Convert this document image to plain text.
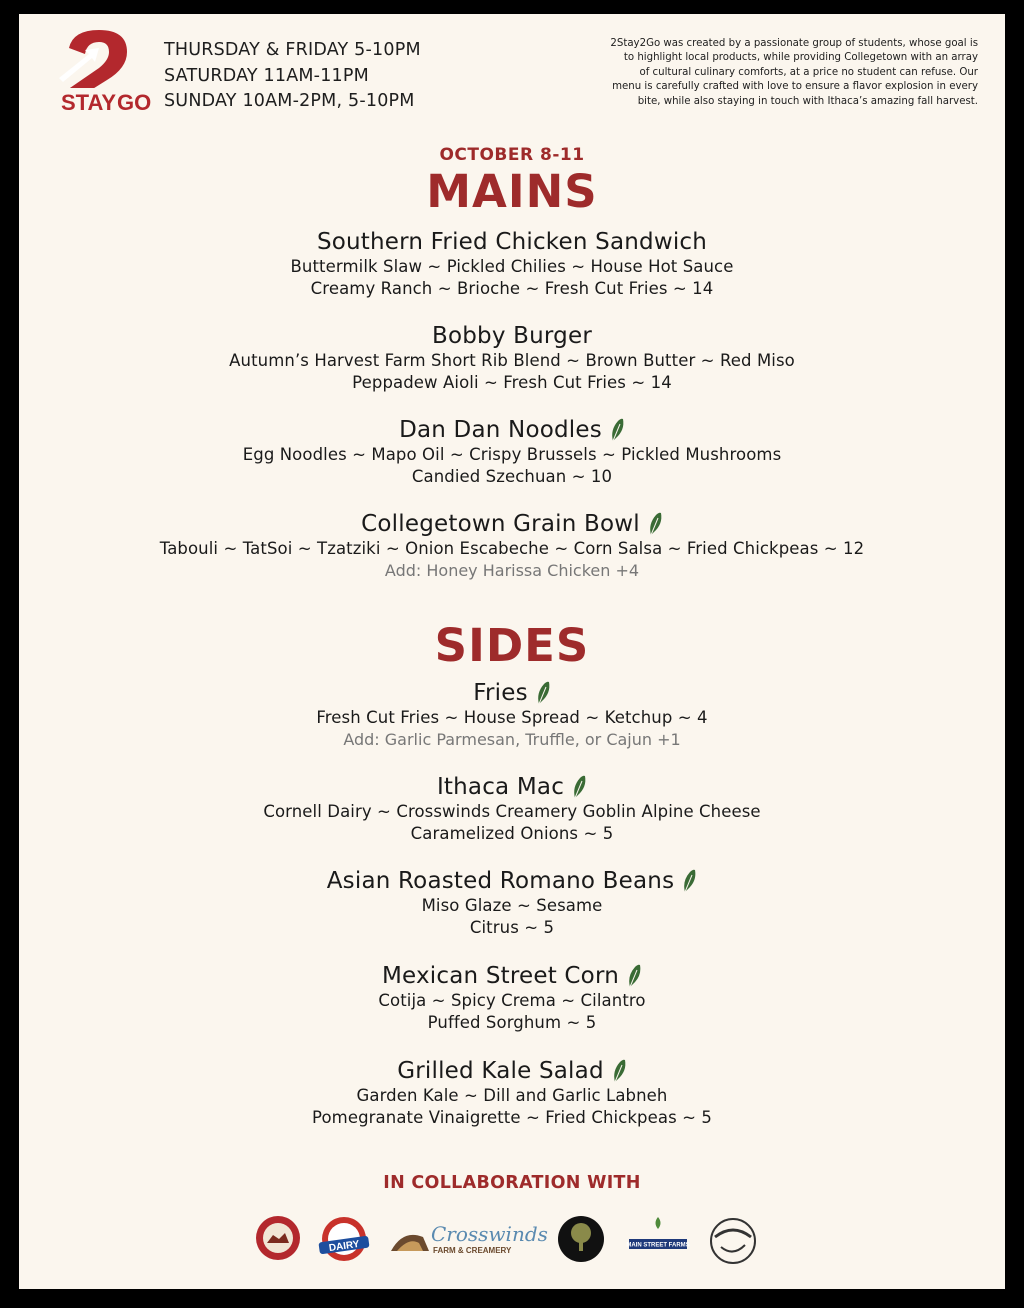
STAY GO
THURSDAY & FRIDAY 5-10PM
SATURDAY 11AM-11PM
SUNDAY 10AM-2PM, 5-10PM
2Stay2Go was created by a passionate group of students, whose goal is
to highlight local products, while providing Collegetown with an array
of cultural culinary comforts, at a price no student can refuse. Our
menu is carefully crafted with love to ensure a flavor explosion in every
bite, while also staying in touch with Ithaca’s amazing fall harvest.
OCTOBER 8-11
MAINS
Southern Fried Chicken Sandwich
Buttermilk Slaw ~ Pickled Chilies ~ House Hot Sauce
Creamy Ranch ~ Brioche ~ Fresh Cut Fries ~ 14
Bobby Burger
Autumn’s Harvest Farm Short Rib Blend ~ Brown Butter ~ Red Miso
Peppadew Aioli ~ Fresh Cut Fries ~ 14
Dan Dan Noodles
Egg Noodles ~ Mapo Oil ~ Crispy Brussels ~ Pickled Mushrooms
Candied Szechuan ~ 10
Collegetown Grain Bowl
Tabouli ~ TatSoi ~ Tzatziki ~ Onion Escabeche ~ Corn Salsa ~ Fried Chickpeas ~ 12
Add: Honey Harissa Chicken +4
SIDES
Fries
Fresh Cut Fries ~ House Spread ~ Ketchup ~ 4
Add: Garlic Parmesan, Truffle, or Cajun +1
Ithaca Mac
Cornell Dairy ~ Crosswinds Creamery Goblin Alpine Cheese
Caramelized Onions ~ 5
Asian Roasted Romano Beans
Miso Glaze ~ Sesame
Citrus ~ 5
Mexican Street Corn
Cotija ~ Spicy Crema ~ Cilantro
Puffed Sorghum ~ 5
Grilled Kale Salad
Garden Kale ~ Dill and Garlic Labneh
Pomegranate Vinaigrette ~ Fried Chickpeas ~ 5
IN COLLABORATION WITH
DAIRY
Crosswinds
FARM & CREAMERY
MAIN STREET FARMS
